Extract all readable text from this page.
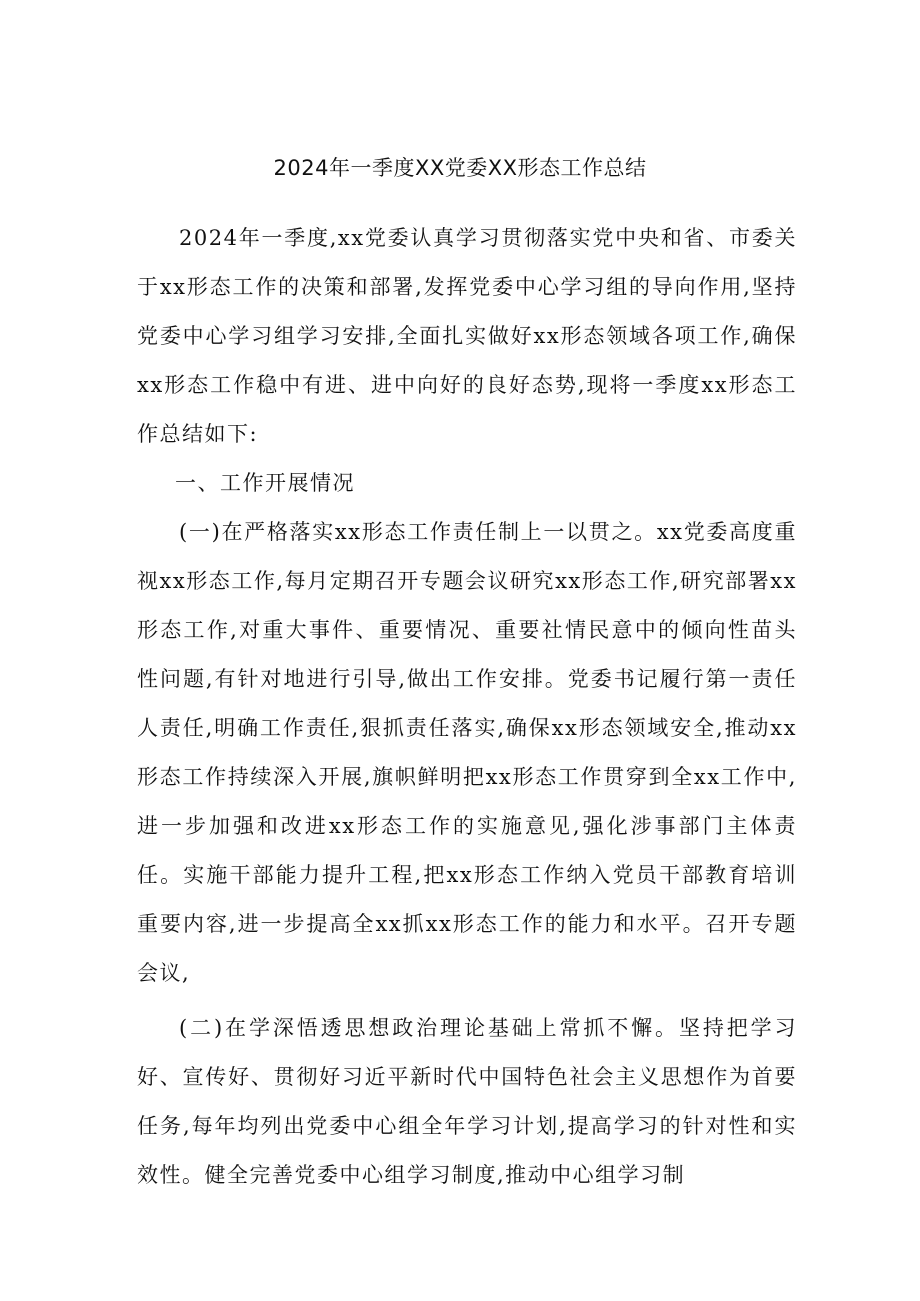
2024年一季度XX党委XX形态工作总结

2024年一季度,xx党委认真学习贯彻落实党中央和省、市委关于xx形态工作的决策和部署,发挥党委中心学习组的导向作用,坚持党委中心学习组学习安排,全面扎实做好xx形态领域各项工作,确保xx形态工作稳中有进、进中向好的良好态势,现将一季度xx形态工作总结如下:

一、工作开展情况

(一)在严格落实xx形态工作责任制上一以贯之。xx党委高度重视xx形态工作,每月定期召开专题会议研究xx形态工作,研究部署xx形态工作,对重大事件、重要情况、重要社情民意中的倾向性苗头性问题,有针对地进行引导,做出工作安排。党委书记履行第一责任人责任,明确工作责任,狠抓责任落实,确保xx形态领域安全,推动xx形态工作持续深入开展,旗帜鲜明把xx形态工作贯穿到全xx工作中,进一步加强和改进xx形态工作的实施意见,强化涉事部门主体责任。实施干部能力提升工程,把xx形态工作纳入党员干部教育培训重要内容,进一步提高全xx抓xx形态工作的能力和水平。召开专题会议,

(二)在学深悟透思想政治理论基础上常抓不懈。坚持把学习好、宣传好、贯彻好习近平新时代中国特色社会主义思想作为首要任务,每年均列出党委中心组全年学习计划,提高学习的针对性和实效性。健全完善党委中心组学习制度,推动中心组学习制
